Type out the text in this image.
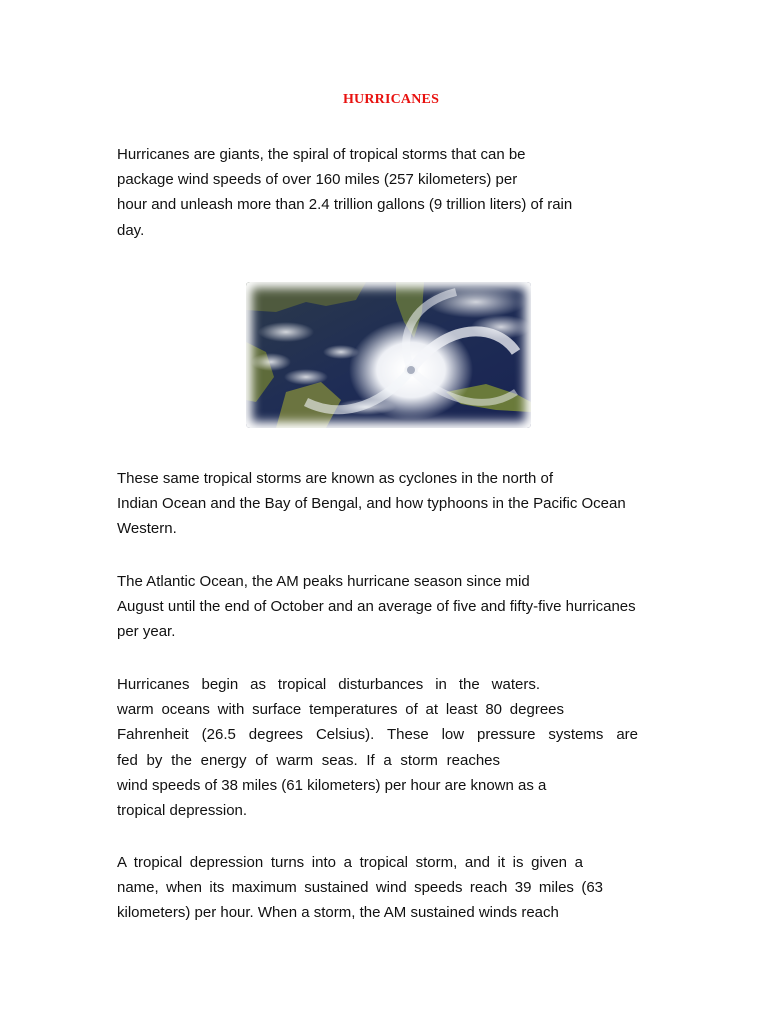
HURRICANES
Hurricanes are giants, the spiral of tropical storms that can be
package wind speeds of over 160 miles (257 kilometers) per
hour and unleash more than 2.4 trillion gallons (9 trillion liters) of rain
day.
These same tropical storms are known as cyclones in the north of
Indian Ocean and the Bay of Bengal, and how typhoons in the Pacific Ocean
Western.
The Atlantic Ocean, the AM peaks hurricane season since mid
August until the end of October and an average of five and fifty-five hurricanes
per year.
Hurricanes begin as tropical disturbances in the waters.
warm oceans with surface temperatures of at least 80 degrees
Fahrenheit (26.5 degrees Celsius). These low pressure systems are
fed by the energy of warm seas. If a storm reaches
wind speeds of 38 miles (61 kilometers) per hour are known as a
tropical depression.
A tropical depression turns into a tropical storm, and it is given a
name, when its maximum sustained wind speeds reach 39 miles (63
kilometers) per hour. When a storm, the AM sustained winds reach
